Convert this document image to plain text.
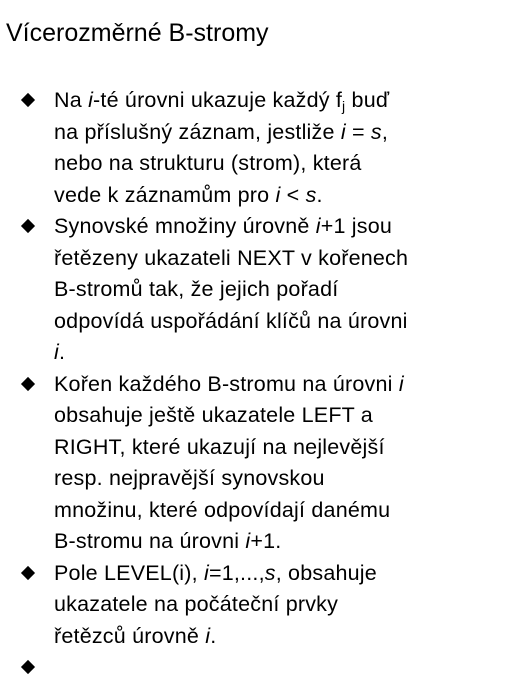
Vícerozměrné B-stromy
Na i-té úrovni ukazuje každý $f_j$ buď
na příslušný záznam, jestliže i = s,
nebo na strukturu (strom), která
vede k záznamům pro i < s.
Synovské množiny úrovně i+1 jsou
řetězeny ukazateli NEXT v kořenech
B-stromů tak, že jejich pořadí
odpovídá uspořádání klíčů na úrovni
i.
Kořen každého B-stromu na úrovni i
obsahuje ještě ukazatele LEFT a
RIGHT, které ukazují na nejlevější
resp. nejpravější synovskou
množinu, které odpovídají danému
B-stromu na úrovni i+1.
Pole LEVEL(i), i=1,...,s, obsahuje
ukazatele na počáteční prvky
řetězců úrovně i.
